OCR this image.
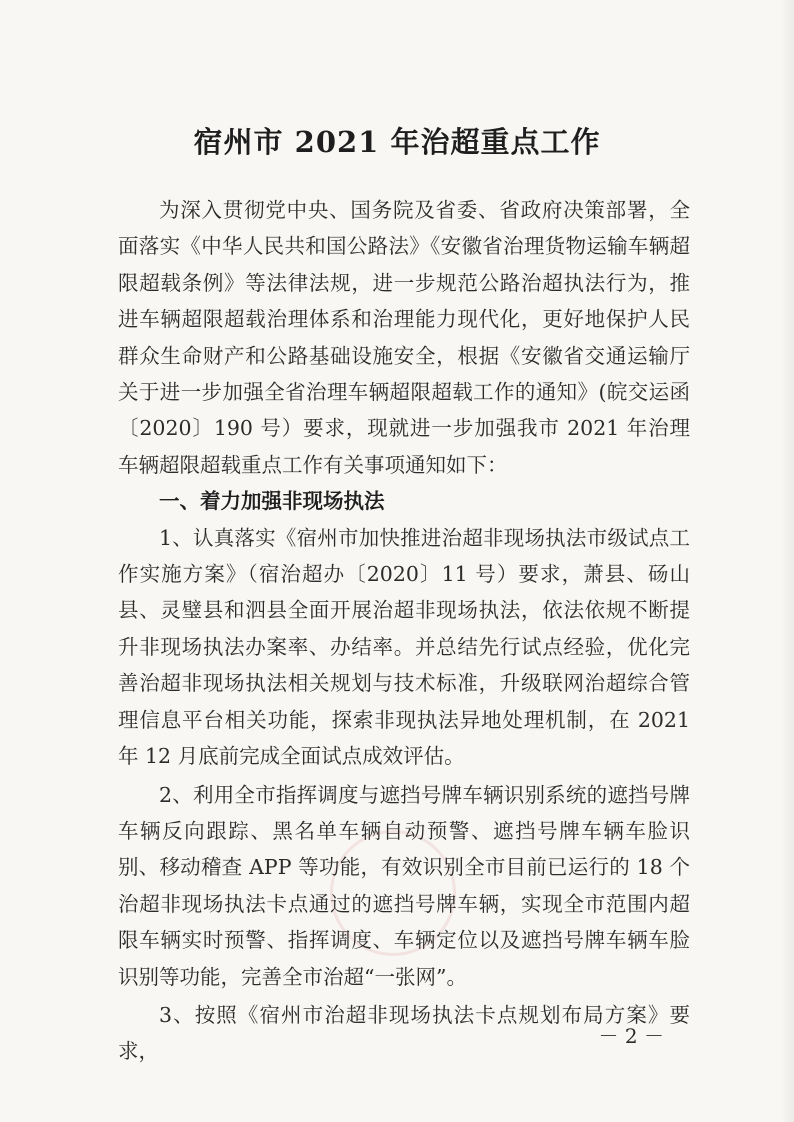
宿州市 2021 年治超重点工作

为深入贯彻党中央、国务院及省委、省政府决策部署，全面落实《中华人民共和国公路法》《安徽省治理货物运输车辆超限超载条例》等法律法规，进一步规范公路治超执法行为，推进车辆超限超载治理体系和治理能力现代化，更好地保护人民群众生命财产和公路基础设施安全，根据《安徽省交通运输厅关于进一步加强全省治理车辆超限超载工作的通知》(皖交运函〔2020〕190 号）要求，现就进一步加强我市 2021 年治理车辆超限超载重点工作有关事项通知如下：

一、着力加强非现场执法

1、认真落实《宿州市加快推进治超非现场执法市级试点工作实施方案》（宿治超办〔2020〕11 号）要求，萧县、砀山县、灵璧县和泗县全面开展治超非现场执法，依法依规不断提升非现场执法办案率、办结率。并总结先行试点经验，优化完善治超非现场执法相关规划与技术标准，升级联网治超综合管理信息平台相关功能，探索非现执法异地处理机制，在 2021 年 12 月底前完成全面试点成效评估。

2、利用全市指挥调度与遮挡号牌车辆识别系统的遮挡号牌车辆反向跟踪、黑名单车辆自动预警、遮挡号牌车辆车脸识别、移动稽查 APP 等功能，有效识别全市目前已运行的 18 个治超非现场执法卡点通过的遮挡号牌车辆，实现全市范围内超限车辆实时预警、指挥调度、车辆定位以及遮挡号牌车辆车脸识别等功能，完善全市治超“一张网”。

3、按照《宿州市治超非现场执法卡点规划布局方案》要求，

－ 2 －
